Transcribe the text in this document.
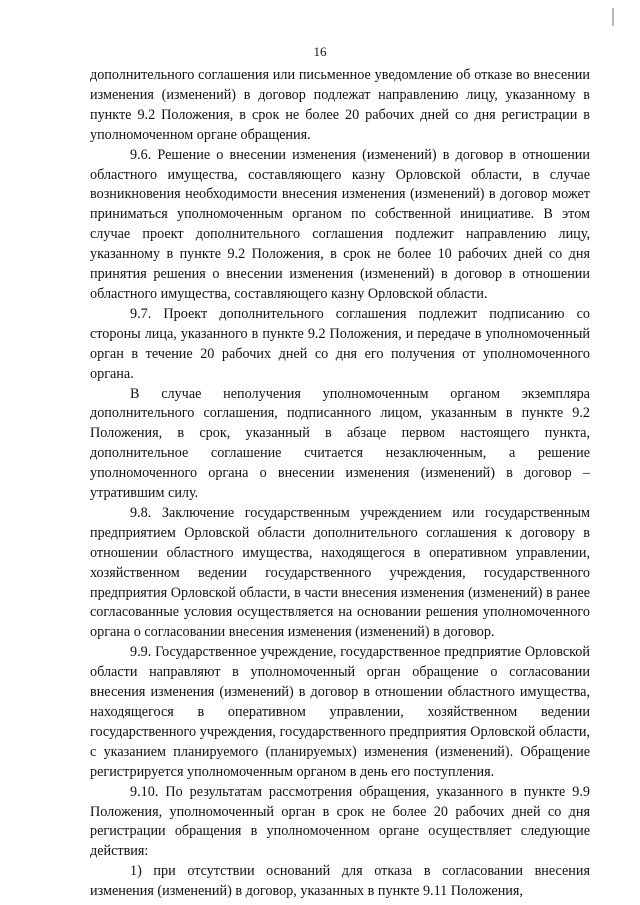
16

дополнительного соглашения или письменное уведомление об отказе во внесении изменения (изменений) в договор подлежат направлению лицу, указанному в пункте 9.2 Положения, в срок не более 20 рабочих дней со дня регистрации в уполномоченном органе обращения.

9.6. Решение о внесении изменения (изменений) в договор в отношении областного имущества, составляющего казну Орловской области, в случае возникновения необходимости внесения изменения (изменений) в договор может приниматься уполномоченным органом по собственной инициативе. В этом случае проект дополнительного соглашения подлежит направлению лицу, указанному в пункте 9.2 Положения, в срок не более 10 рабочих дней со дня принятия решения о внесении изменения (изменений) в договор в отношении областного имущества, составляющего казну Орловской области.

9.7. Проект дополнительного соглашения подлежит подписанию со стороны лица, указанного в пункте 9.2 Положения, и передаче в уполномоченный орган в течение 20 рабочих дней со дня его получения от уполномоченного органа.

В случае неполучения уполномоченным органом экземпляра дополнительного соглашения, подписанного лицом, указанным в пункте 9.2 Положения, в срок, указанный в абзаце первом настоящего пункта, дополнительное соглашение считается незаключенным, а решение уполномоченного органа о внесении изменения (изменений) в договор – утратившим силу.

9.8. Заключение государственным учреждением или государственным предприятием Орловской области дополнительного соглашения к договору в отношении областного имущества, находящегося в оперативном управлении, хозяйственном ведении государственного учреждения, государственного предприятия Орловской области, в части внесения изменения (изменений) в ранее согласованные условия осуществляется на основании решения уполномоченного органа о согласовании внесения изменения (изменений) в договор.

9.9. Государственное учреждение, государственное предприятие Орловской области направляют в уполномоченный орган обращение о согласовании внесения изменения (изменений) в договор в отношении областного имущества, находящегося в оперативном управлении, хозяйственном ведении государственного учреждения, государственного предприятия Орловской области, с указанием планируемого (планируемых) изменения (изменений). Обращение регистрируется уполномоченным органом в день его поступления.

9.10. По результатам рассмотрения обращения, указанного в пункте 9.9 Положения, уполномоченный орган в срок не более 20 рабочих дней со дня регистрации обращения в уполномоченном органе осуществляет следующие действия:

1) при отсутствии оснований для отказа в согласовании внесения изменения (изменений) в договор, указанных в пункте 9.11 Положения,
